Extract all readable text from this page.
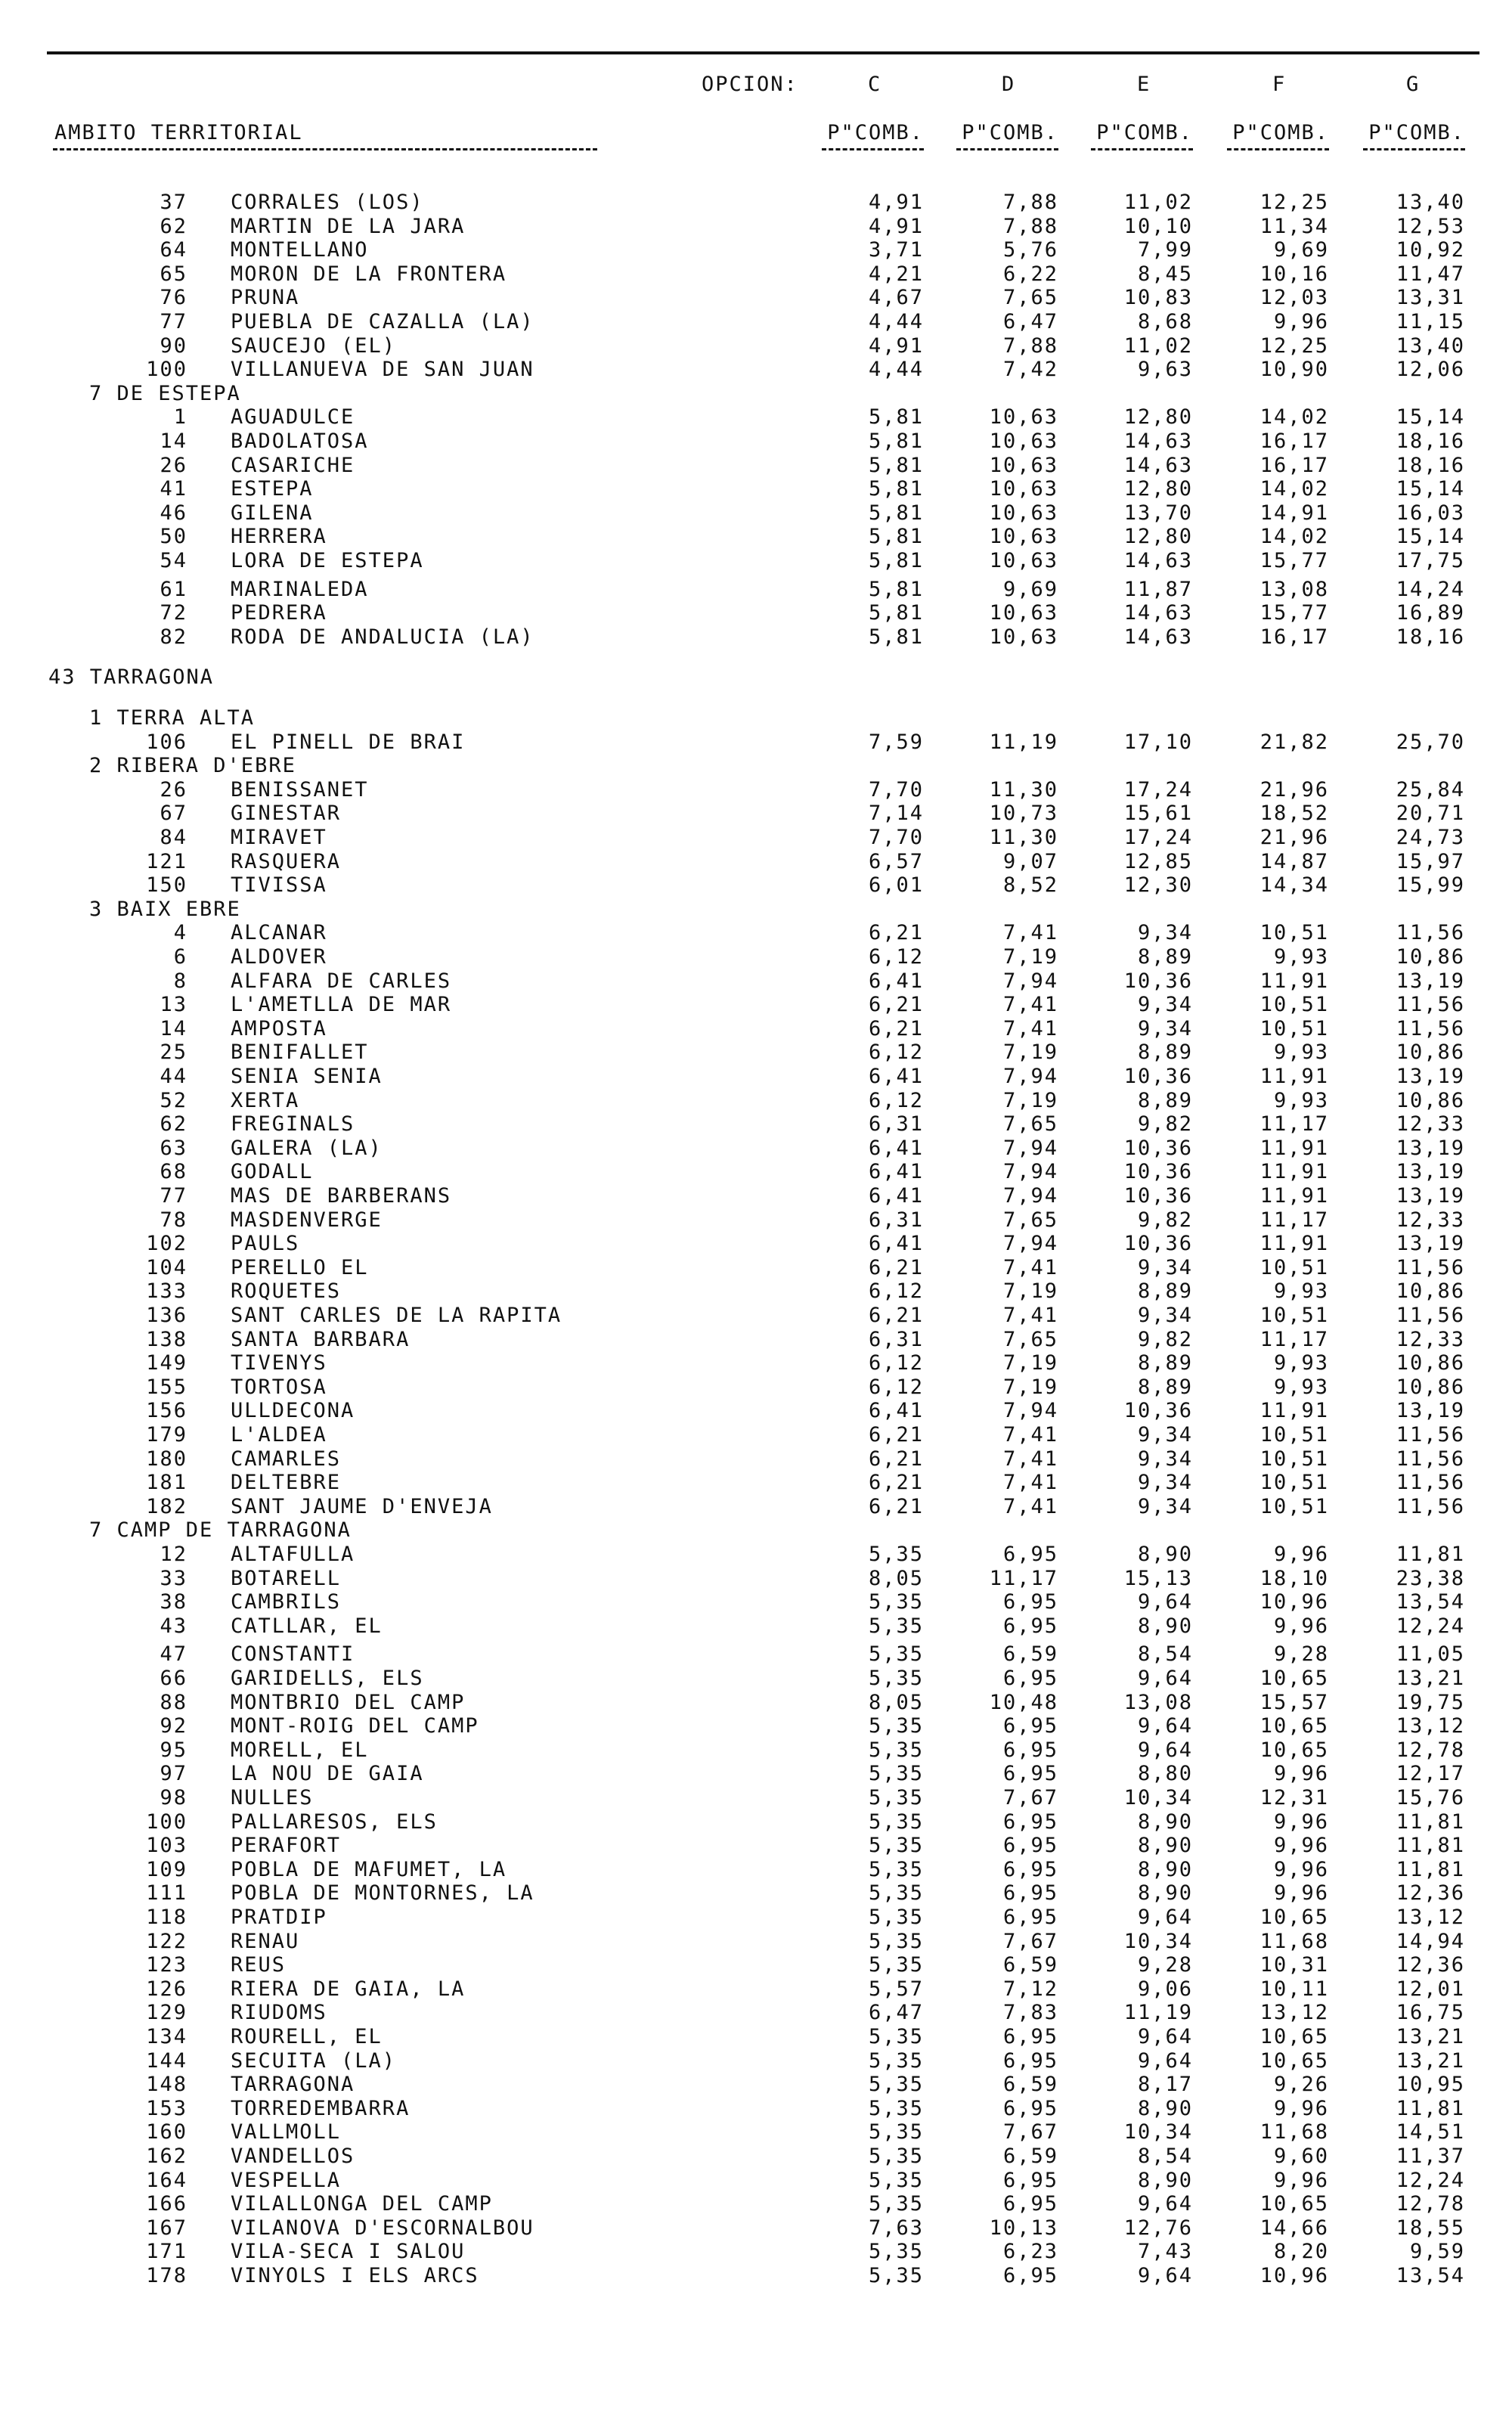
OPCION:	C	D	E	F	G
AMBITO TERRITORIAL	P"COMB.	P"COMB.	P"COMB.	P"COMB.	P"COMB.
37 CORRALES (LOS)	4,91	7,88	11,02	12,25	13,40
62 MARTIN DE LA JARA	4,91	7,88	10,10	11,34	12,53
64 MONTELLANO	3,71	5,76	7,99	9,69	10,92
65 MORON DE LA FRONTERA	4,21	6,22	8,45	10,16	11,47
76 PRUNA	4,67	7,65	10,83	12,03	13,31
77 PUEBLA DE CAZALLA (LA)	4,44	6,47	8,68	9,96	11,15
90 SAUCEJO (EL)	4,91	7,88	11,02	12,25	13,40
100 VILLANUEVA DE SAN JUAN	4,44	7,42	9,63	10,90	12,06
7 DE ESTEPA
1 AGUADULCE	5,81	10,63	12,80	14,02	15,14
14 BADOLATOSA	5,81	10,63	14,63	16,17	18,16
26 CASARICHE	5,81	10,63	14,63	16,17	18,16
41 ESTEPA	5,81	10,63	12,80	14,02	15,14
46 GILENA	5,81	10,63	13,70	14,91	16,03
50 HERRERA	5,81	10,63	12,80	14,02	15,14
54 LORA DE ESTEPA	5,81	10,63	14,63	15,77	17,75
61 MARINALEDA	5,81	9,69	11,87	13,08	14,24
72 PEDRERA	5,81	10,63	14,63	15,77	16,89
82 RODA DE ANDALUCIA (LA)	5,81	10,63	14,63	16,17	18,16
43 TARRAGONA
1 TERRA ALTA
106 EL PINELL DE BRAI	7,59	11,19	17,10	21,82	25,70
2 RIBERA D'EBRE
26 BENISSANET	7,70	11,30	17,24	21,96	25,84
67 GINESTAR	7,14	10,73	15,61	18,52	20,71
84 MIRAVET	7,70	11,30	17,24	21,96	24,73
121 RASQUERA	6,57	9,07	12,85	14,87	15,97
150 TIVISSA	6,01	8,52	12,30	14,34	15,99
3 BAIX EBRE
4 ALCANAR	6,21	7,41	9,34	10,51	11,56
6 ALDOVER	6,12	7,19	8,89	9,93	10,86
8 ALFARA DE CARLES	6,41	7,94	10,36	11,91	13,19
13 L'AMETLLA DE MAR	6,21	7,41	9,34	10,51	11,56
14 AMPOSTA	6,21	7,41	9,34	10,51	11,56
25 BENIFALLET	6,12	7,19	8,89	9,93	10,86
44 SENIA SENIA	6,41	7,94	10,36	11,91	13,19
52 XERTA	6,12	7,19	8,89	9,93	10,86
62 FREGINALS	6,31	7,65	9,82	11,17	12,33
63 GALERA (LA)	6,41	7,94	10,36	11,91	13,19
68 GODALL	6,41	7,94	10,36	11,91	13,19
77 MAS DE BARBERANS	6,41	7,94	10,36	11,91	13,19
78 MASDENVERGE	6,31	7,65	9,82	11,17	12,33
102 PAULS	6,41	7,94	10,36	11,91	13,19
104 PERELLO EL	6,21	7,41	9,34	10,51	11,56
133 ROQUETES	6,12	7,19	8,89	9,93	10,86
136 SANT CARLES DE LA RAPITA	6,21	7,41	9,34	10,51	11,56
138 SANTA BARBARA	6,31	7,65	9,82	11,17	12,33
149 TIVENYS	6,12	7,19	8,89	9,93	10,86
155 TORTOSA	6,12	7,19	8,89	9,93	10,86
156 ULLDECONA	6,41	7,94	10,36	11,91	13,19
179 L'ALDEA	6,21	7,41	9,34	10,51	11,56
180 CAMARLES	6,21	7,41	9,34	10,51	11,56
181 DELTEBRE	6,21	7,41	9,34	10,51	11,56
182 SANT JAUME D'ENVEJA	6,21	7,41	9,34	10,51	11,56
7 CAMP DE TARRAGONA
12 ALTAFULLA	5,35	6,95	8,90	9,96	11,81
33 BOTARELL	8,05	11,17	15,13	18,10	23,38
38 CAMBRILS	5,35	6,95	9,64	10,96	13,54
43 CATLLAR, EL	5,35	6,95	8,90	9,96	12,24
47 CONSTANTI	5,35	6,59	8,54	9,28	11,05
66 GARIDELLS, ELS	5,35	6,95	9,64	10,65	13,21
88 MONTBRIO DEL CAMP	8,05	10,48	13,08	15,57	19,75
92 MONT-ROIG DEL CAMP	5,35	6,95	9,64	10,65	13,12
95 MORELL, EL	5,35	6,95	9,64	10,65	12,78
97 LA NOU DE GAIA	5,35	6,95	8,80	9,96	12,17
98 NULLES	5,35	7,67	10,34	12,31	15,76
100 PALLARESOS, ELS	5,35	6,95	8,90	9,96	11,81
103 PERAFORT	5,35	6,95	8,90	9,96	11,81
109 POBLA DE MAFUMET, LA	5,35	6,95	8,90	9,96	11,81
111 POBLA DE MONTORNES, LA	5,35	6,95	8,90	9,96	12,36
118 PRATDIP	5,35	6,95	9,64	10,65	13,12
122 RENAU	5,35	7,67	10,34	11,68	14,94
123 REUS	5,35	6,59	9,28	10,31	12,36
126 RIERA DE GAIA, LA	5,57	7,12	9,06	10,11	12,01
129 RIUDOMS	6,47	7,83	11,19	13,12	16,75
134 ROURELL, EL	5,35	6,95	9,64	10,65	13,21
144 SECUITA (LA)	5,35	6,95	9,64	10,65	13,21
148 TARRAGONA	5,35	6,59	8,17	9,26	10,95
153 TORREDEMBARRA	5,35	6,95	8,90	9,96	11,81
160 VALLMOLL	5,35	7,67	10,34	11,68	14,51
162 VANDELLOS	5,35	6,59	8,54	9,60	11,37
164 VESPELLA	5,35	6,95	8,90	9,96	12,24
166 VILALLONGA DEL CAMP	5,35	6,95	9,64	10,65	12,78
167 VILANOVA D'ESCORNALBOU	7,63	10,13	12,76	14,66	18,55
171 VILA-SECA I SALOU	5,35	6,23	7,43	8,20	9,59
178 VINYOLS I ELS ARCS	5,35	6,95	9,64	10,96	13,54
